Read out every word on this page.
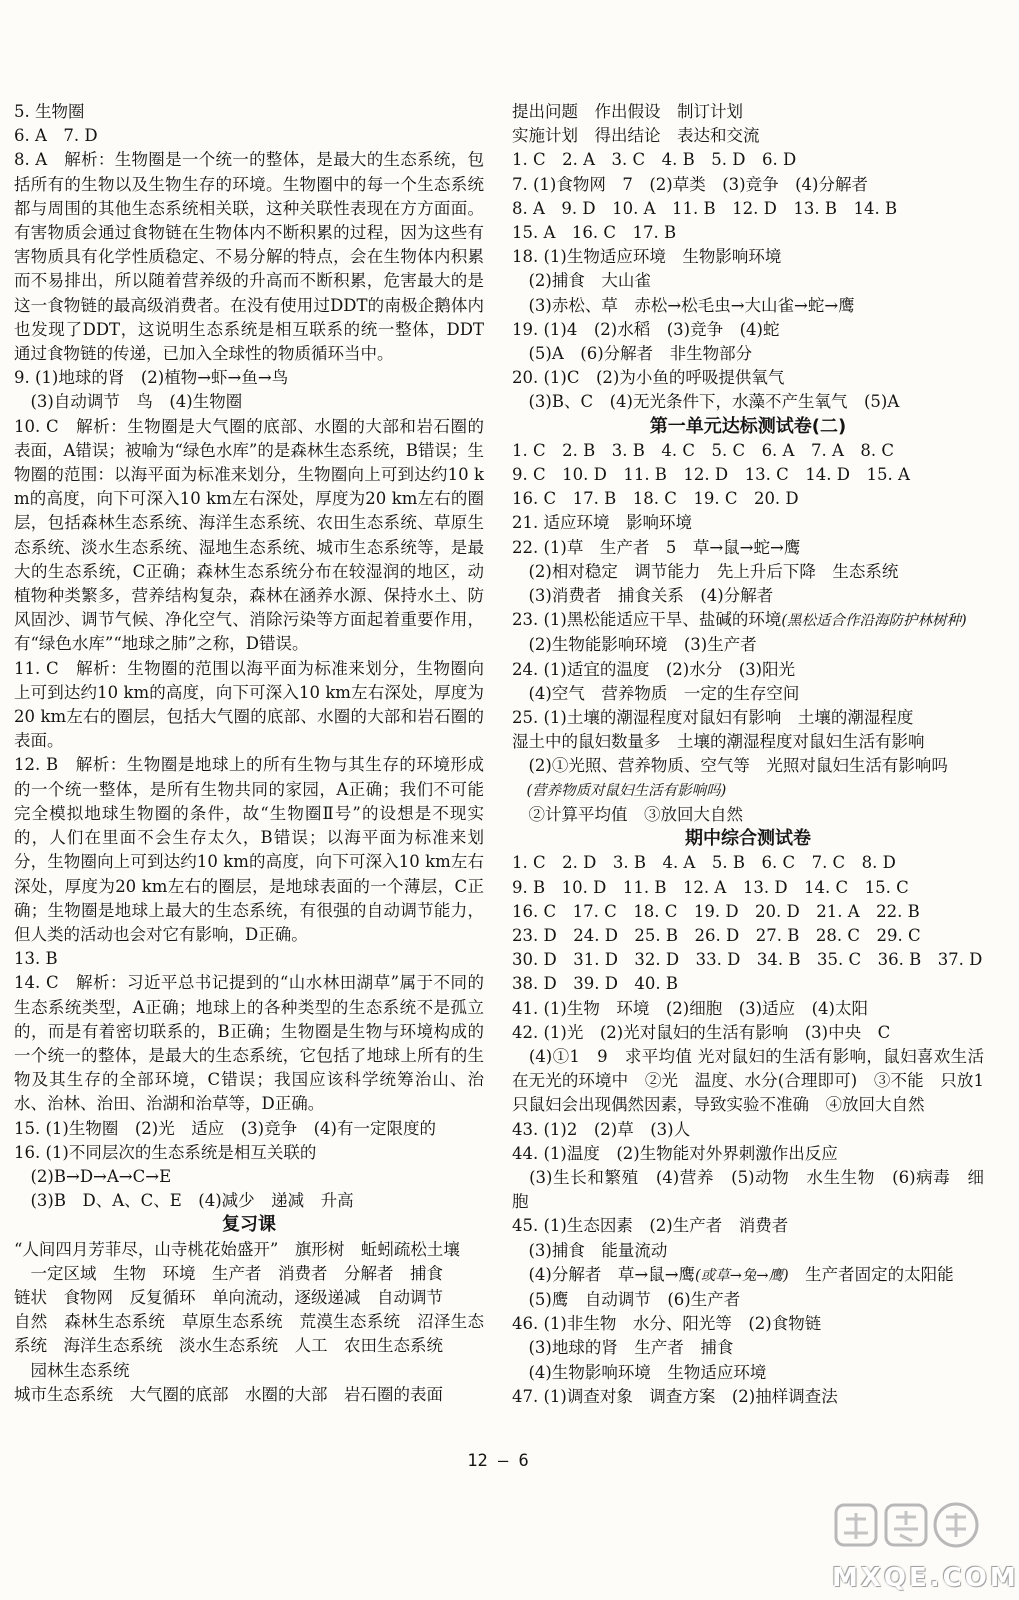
5. 生物圈

6. A　7. D

8. A　解析：生物圈是一个统一的整体，是最大的生态系统，包括所有的生物以及生物生存的环境。生物圈中的每一个生态系统都与周围的其他生态系统相关联，这种关联性表现在方方面面。有害物质会通过食物链在生物体内不断积累的过程，因为这些有害物质具有化学性质稳定、不易分解的特点，会在生物体内积累而不易排出，所以随着营养级的升高而不断积累，危害最大的是这一食物链的最高级消费者。在没有使用过DDT的南极企鹅体内也发现了DDT，这说明生态系统是相互联系的统一整体，DDT通过食物链的传递，已加入全球性的物质循环当中。

9. (1)地球的肾　(2)植物→虾→鱼→鸟

　(3)自动调节　鸟　(4)生物圈

10. C　解析：生物圈是大气圈的底部、水圈的大部和岩石圈的表面，A错误；被喻为“绿色水库”的是森林生态系统，B错误；生物圈的范围：以海平面为标准来划分，生物圈向上可到达约10 km的高度，向下可深入10 km左右深处，厚度为20 km左右的圈层，包括森林生态系统、海洋生态系统、农田生态系统、草原生态系统、淡水生态系统、湿地生态系统、城市生态系统等，是最大的生态系统，C正确；森林生态系统分布在较湿润的地区，动植物种类繁多，营养结构复杂，森林在涵养水源、保持水土、防风固沙、调节气候、净化空气、消除污染等方面起着重要作用，有“绿色水库”“地球之肺”之称，D错误。

11. C　解析：生物圈的范围以海平面为标准来划分，生物圈向上可到达约10 km的高度，向下可深入10 km左右深处，厚度为20 km左右的圈层，包括大气圈的底部、水圈的大部和岩石圈的表面。

12. B　解析：生物圈是地球上的所有生物与其生存的环境形成的一个统一整体，是所有生物共同的家园，A正确；我们不可能完全模拟地球生物圈的条件，故“生物圈Ⅱ号”的设想是不现实的，人们在里面不会生存太久，B错误；以海平面为标准来划分，生物圈向上可到达约10 km的高度，向下可深入10 km左右深处，厚度为20 km左右的圈层，是地球表面的一个薄层，C正确；生物圈是地球上最大的生态系统，有很强的自动调节能力，但人类的活动也会对它有影响，D正确。

13. B

14. C　解析：习近平总书记提到的“山水林田湖草”属于不同的生态系统类型，A正确；地球上的各种类型的生态系统不是孤立的，而是有着密切联系的，B正确；生物圈是生物与环境构成的一个统一的整体，是最大的生态系统，它包括了地球上所有的生物及其生存的全部环境，C错误；我国应该科学统筹治山、治水、治林、治田、治湖和治草等，D正确。

15. (1)生物圈　(2)光　适应　(3)竞争　(4)有一定限度的

16. (1)不同层次的生态系统是相互关联的

　(2)B→D→A→C→E

　(3)B　D、A、C、E　(4)减少　递减　升高

复习课

“人间四月芳菲尽，山寺桃花始盛开”　旗形树　蚯蚓疏松土壤

　一定区域　生物　环境　生产者　消费者　分解者　捕食

链状　食物网　反复循环　单向流动，逐级递减　自动调节

自然　森林生态系统　草原生态系统　荒漠生态系统　沼泽生态系统　海洋生态系统　淡水生态系统　人工　农田生态系统

　园林生态系统

城市生态系统　大气圈的底部　水圈的大部　岩石圈的表面

提出问题　作出假设　制订计划

实施计划　得出结论　表达和交流

1. C　2. A　3. C　4. B　5. D　6. D

7. (1)食物网　7　(2)草类　(3)竞争　(4)分解者

8. A　9. D　10. A　11. B　12. D　13. B　14. B

15. A　16. C　17. B

18. (1)生物适应环境　生物影响环境

　(2)捕食　大山雀

　(3)赤松、草　赤松→松毛虫→大山雀→蛇→鹰

19. (1)4　(2)水稻　(3)竞争　(4)蛇

　(5)A　(6)分解者　非生物部分

20. (1)C　(2)为小鱼的呼吸提供氧气

　(3)B、C　(4)无光条件下，水藻不产生氧气　(5)A

第一单元达标测试卷(二)

1. C　2. B　3. B　4. C　5. C　6. A　7. A　8. C

9. C　10. D　11. B　12. D　13. C　14. D　15. A

16. C　17. B　18. C　19. C　20. D

21. 适应环境　影响环境

22. (1)草　生产者　5　草→鼠→蛇→鹰

　(2)相对稳定　调节能力　先上升后下降　生态系统

　(3)消费者　捕食关系　(4)分解者

23. (1)黑松能适应干旱、盐碱的环境(黑松适合作沿海防护林树种)

　(2)生物能影响环境　(3)生产者

24. (1)适宜的温度　(2)水分　(3)阳光

　(4)空气　营养物质　一定的生存空间

25. (1)土壤的潮湿程度对鼠妇有影响　土壤的潮湿程度

湿土中的鼠妇数量多　土壤的潮湿程度对鼠妇生活有影响

　(2)①光照、营养物质、空气等　光照对鼠妇生活有影响吗

　(营养物质对鼠妇生活有影响吗)

　②计算平均值　③放回大自然

期中综合测试卷

1. C　2. D　3. B　4. A　5. B　6. C　7. C　8. D

9. B　10. D　11. B　12. A　13. D　14. C　15. C

16. C　17. C　18. C　19. D　20. D　21. A　22. B

23. D　24. D　25. B　26. D　27. B　28. C　29. C

30. D　31. D　32. D　33. D　34. B　35. C　36. B　37. D

38. D　39. D　40. B

41. (1)生物　环境　(2)细胞　(3)适应　(4)太阳

42. (1)光　(2)光对鼠妇的生活有影响　(3)中央　C

　(4)①1　9　求平均值 光对鼠妇的生活有影响，鼠妇喜欢生活在无光的环境中　②光　温度、水分(合理即可)　③不能　只放1只鼠妇会出现偶然因素，导致实验不准确　④放回大自然

43. (1)2　(2)草　(3)人

44. (1)温度　(2)生物能对外界刺激作出反应

　(3)生长和繁殖　(4)营养　(5)动物　水生生物　(6)病毒　细胞

45. (1)生态因素　(2)生产者　消费者

　(3)捕食　能量流动

　(4)分解者　草→鼠→鹰(或草→兔→鹰)　生产者固定的太阳能

　(5)鹰　自动调节　(6)生产者

46. (1)非生物　水分、阳光等　(2)食物链

　(3)地球的肾　生产者　捕食

　(4)生物影响环境　生物适应环境

47. (1)调查对象　调查方案　(2)抽样调查法

12 — 6
MXQE.COM
